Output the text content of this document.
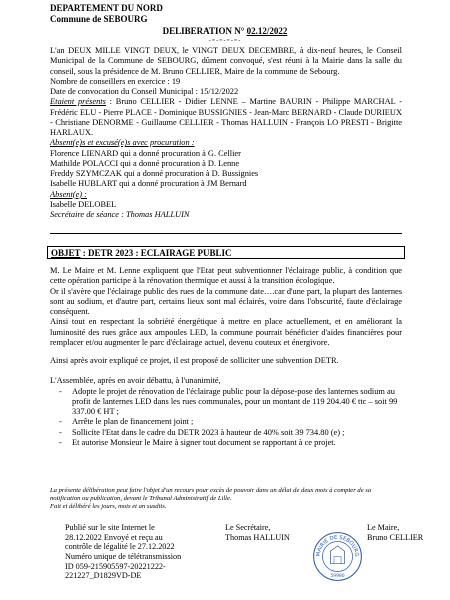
DEPARTEMENT DU NORD
Commune de SEBOURG
DELIBERATION N° 02.12/2022
-=-=-=-=-

L'an DEUX MILLE VINGT DEUX, le VINGT DEUX DECEMBRE, à dix-neuf heures, le Conseil Municipal de la Commune de SEBOURG, dûment convoqué, s'est réuni à la Mairie dans la salle du conseil, sous la présidence de M. Bruno CELLIER, Maire de la commune de Sebourg.

Nombre de conseillers en exercice : 19

Date de convocation du Conseil Municipal : 15/12/2022

Etaient présents : Bruno CELLIER - Didier LENNE – Martine BAURIN - Philippe MARCHAL - Frédéric ELU - Pierre PLACE - Dominique BUSSIGNIES - Jean-Marc BERNARD - Claude DURIEUX - Christiane DENORME - Guillaume CELLIER - Thomas HALLUIN - François LO PRESTI - Brigitte HARLAUX.

Absent(e)s et excusé(e)s avec procuration :

Florence LIENARD qui a donné procuration à G. Cellier

Mathilde POLACCI qui a donné procuration à D. Lenne

Freddy SZYMCZAK qui a donné procuration à D. Bussignies

Isabelle HUBLART qui a donné procuration à JM Bernard

Absent(e) :

Isabelle DELOBEL

Secrétaire de séance : Thomas HALLUIN

OBJET : DETR 2023 : ECLAIRAGE PUBLIC

M. Le Maire et M. Lenne expliquent que l'Etat peut subventionner l'éclairage public, à condition que cette opération participe à la rénovation thermique et aussi à la transition écologique.

Or il s'avère que l'éclairage public des rues de la commune date….car d'une part, la plupart des lanternes sont au sodium, et d'autre part, certains lieux sont mal éclairés, voire dans l'obscurité, faute d'éclairage conséquent.

Ainsi tout en respectant la sobriété énergétique à mettre en place actuellement, et en améliorant la luminosité des rues grâce aux ampoules LED, la commune pourrait bénéficier d'aides financières pour remplacer et/ou augmenter le parc d'éclairage actuel, devenu couteux et énergivore.

Ainsi après avoir expliqué ce projet, il est proposé de solliciter une subvention DETR.

L'Assemblée, après en avoir débattu, à l'unanimité,

- Adopte le projet de rénovation de l'éclairage public pour la dépose-pose des lanternes sodium au profit de lanternes LED dans les rues communales, pour un montant de 119 204.40 € ttc – soit 99 337.00 € HT ;
- Arrête le plan de financement joint ;
- Sollicite l'Etat dans le cadre du DETR 2023 à hauteur de 40% soit 39 734.80 (e) ;
- Et autorise Monsieur le Maire à signer tout document se rapportant à ce projet.

La présente délibération peut faire l'objet d'un recours pour excès de pouvoir dans un délai de deux mois à compter de sa notification ou publication, devant le Tribunal Administratif de Lille.

Fait et délibéré les jours, mois et an susdits.

Publié sur le site Internet le 28.12.2022 Envoyé et reçu au contrôle de légalité le 27.12.2022 Numéro unique de télétransmission ID 059-215905597-20221222-221227_D1829VD-DE
Le Secrétaire,
Thomas HALLUIN
MAIRIE DE SEBOURG
59990
Le Maire,
Bruno CELLIER
